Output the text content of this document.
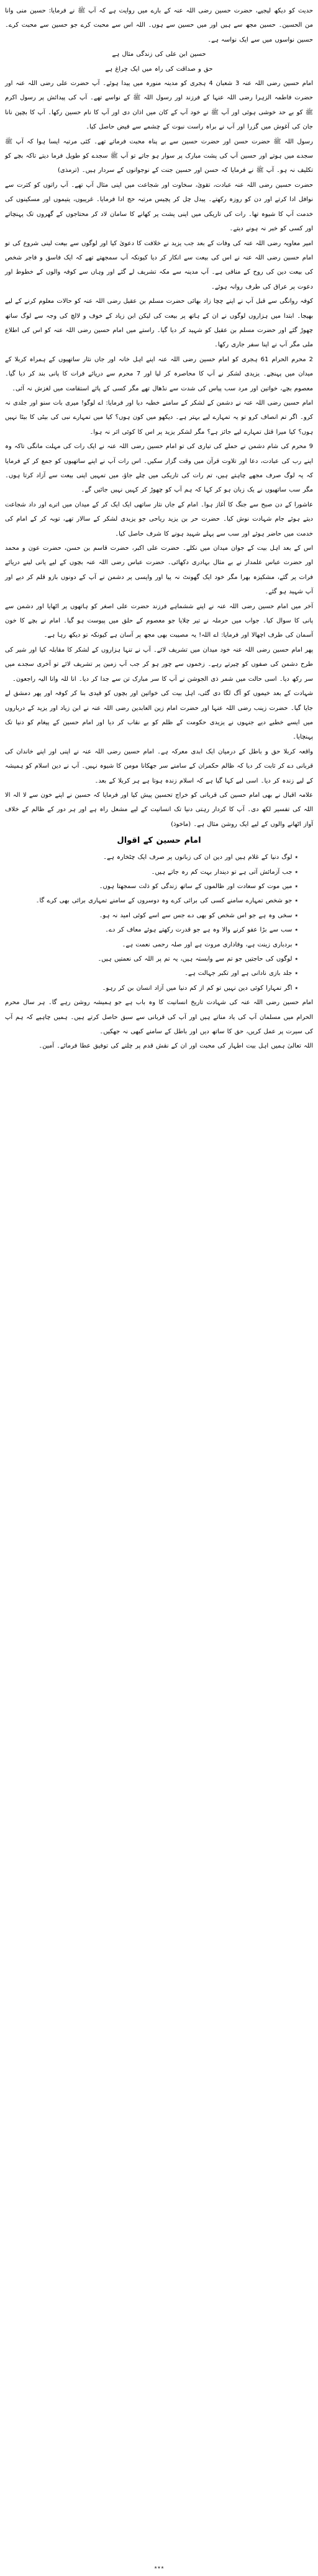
حدیث کو دیکھ لیجیے، حضرت حسین رضی اللہ عنہ کے بارے میں روایت ہے کہ آپ ﷺ نے فرمایا: حسین منی وانا من الحسین۔ حسین مجھ سے ہیں اور میں حسین سے ہوں۔ اللہ اس سے محبت کرے جو حسین سے محبت کرے۔ حسین نواسوں میں سے ایک نواسہ ہے۔

حسین ابن علی کی زندگی مثال ہے

حق و صداقت کی راہ میں ایک چراغ ہے

امام حسین رضی اللہ عنہ 3 شعبان 4 ہجری کو مدینہ منورہ میں پیدا ہوئے۔ آپ حضرت علی رضی اللہ عنہ اور حضرت فاطمہ الزہرا رضی اللہ عنہا کے فرزند اور رسول اللہ ﷺ کے نواسے تھے۔ آپ کی پیدائش پر رسول اکرم ﷺ کو بے حد خوشی ہوئی اور آپ ﷺ نے خود آپ کے کان میں اذان دی اور آپ کا نام حسین رکھا۔ آپ کا بچپن نانا جان کی آغوش میں گزرا اور آپ نے براہ راست نبوت کے چشمے سے فیض حاصل کیا۔

رسول اللہ ﷺ حضرت حسن اور حضرت حسین سے بے پناہ محبت فرماتے تھے۔ کئی مرتبہ ایسا ہوا کہ آپ ﷺ سجدے میں ہوتے اور حسین آپ کی پشت مبارک پر سوار ہو جاتے تو آپ ﷺ سجدے کو طویل فرما دیتے تاکہ بچے کو تکلیف نہ ہو۔ آپ ﷺ نے فرمایا کہ حسن اور حسین جنت کے نوجوانوں کے سردار ہیں۔ (ترمذی)

حضرت حسین رضی اللہ عنہ عبادت، تقویٰ، سخاوت اور شجاعت میں اپنی مثال آپ تھے۔ آپ راتوں کو کثرت سے نوافل ادا کرتے اور دن کو روزہ رکھتے۔ پیدل چل کر پچیس مرتبہ حج ادا فرمایا۔ غریبوں، یتیموں اور مسکینوں کی خدمت آپ کا شیوہ تھا۔ رات کی تاریکی میں اپنی پشت پر کھانے کا سامان لاد کر محتاجوں کے گھروں تک پہنچاتے اور کسی کو خبر نہ ہونے دیتے۔

امیر معاویہ رضی اللہ عنہ کی وفات کے بعد جب یزید نے خلافت کا دعویٰ کیا اور لوگوں سے بیعت لینی شروع کی تو امام حسین رضی اللہ عنہ نے اس کی بیعت سے انکار کر دیا کیونکہ آپ سمجھتے تھے کہ ایک فاسق و فاجر شخص کی بیعت دین کی روح کے منافی ہے۔ آپ مدینہ سے مکہ تشریف لے گئے اور وہاں سے کوفہ والوں کے خطوط اور دعوت پر عراق کی طرف روانہ ہوئے۔

کوفہ روانگی سے قبل آپ نے اپنے چچا زاد بھائی حضرت مسلم بن عقیل رضی اللہ عنہ کو حالات معلوم کرنے کے لیے بھیجا۔ ابتدا میں ہزاروں لوگوں نے ان کے ہاتھ پر بیعت کی لیکن ابن زیاد کے خوف و لالچ کی وجہ سے لوگ ساتھ چھوڑ گئے اور حضرت مسلم بن عقیل کو شہید کر دیا گیا۔ راستے میں امام حسین رضی اللہ عنہ کو اس کی اطلاع ملی مگر آپ نے اپنا سفر جاری رکھا۔

2 محرم الحرام 61 ہجری کو امام حسین رضی اللہ عنہ اپنے اہل خانہ اور جاں نثار ساتھیوں کے ہمراہ کربلا کے میدان میں پہنچے۔ یزیدی لشکر نے آپ کا محاصرہ کر لیا اور 7 محرم سے دریائے فرات کا پانی بند کر دیا گیا۔ معصوم بچے، خواتین اور مرد سب پیاس کی شدت سے نڈھال تھے مگر کسی کے پائے استقامت میں لغزش نہ آئی۔

امام حسین رضی اللہ عنہ نے دشمن کے لشکر کے سامنے خطبہ دیا اور فرمایا: اے لوگو! میری بات سنو اور جلدی نہ کرو۔ اگر تم انصاف کرو تو یہ تمہارے لیے بہتر ہے۔ دیکھو میں کون ہوں؟ کیا میں تمہارے نبی کی بیٹی کا بیٹا نہیں ہوں؟ کیا میرا قتل تمہارے لیے جائز ہے؟ مگر لشکر یزید پر اس کا کوئی اثر نہ ہوا۔

9 محرم کی شام دشمن نے حملے کی تیاری کی تو امام حسین رضی اللہ عنہ نے ایک رات کی مہلت مانگی تاکہ وہ اپنے رب کی عبادت، دعا اور تلاوت قرآن میں وقت گزار سکیں۔ اس رات آپ نے اپنے ساتھیوں کو جمع کر کے فرمایا کہ یہ لوگ صرف مجھے چاہتے ہیں، تم رات کی تاریکی میں چلے جاؤ، میں تمہیں اپنی بیعت سے آزاد کرتا ہوں۔ مگر سب ساتھیوں نے یک زبان ہو کر کہا کہ ہم آپ کو چھوڑ کر کہیں نہیں جائیں گے۔

عاشورا کے دن صبح سے جنگ کا آغاز ہوا۔ امام کے جاں نثار ساتھی ایک ایک کر کے میدان میں اترے اور داد شجاعت دیتے ہوئے جام شہادت نوش کیا۔ حضرت حر بن یزید ریاحی جو یزیدی لشکر کے سالار تھے، توبہ کر کے امام کی خدمت میں حاضر ہوئے اور سب سے پہلے شہید ہونے کا شرف حاصل کیا۔

اس کے بعد اہل بیت کے جوان میدان میں نکلے۔ حضرت علی اکبر، حضرت قاسم بن حسن، حضرت عون و محمد اور حضرت عباس علمدار نے بے مثال بہادری دکھائی۔ حضرت عباس رضی اللہ عنہ بچوں کے لیے پانی لینے دریائے فرات پر گئے، مشکیزہ بھرا مگر خود ایک گھونٹ نہ پیا اور واپسی پر دشمن نے آپ کے دونوں بازو قلم کر دیے اور آپ شہید ہو گئے۔

آخر میں امام حسین رضی اللہ عنہ نے اپنے ششماہے فرزند حضرت علی اصغر کو ہاتھوں پر اٹھایا اور دشمن سے پانی کا سوال کیا۔ جواب میں حرملہ نے تیر چلایا جو معصوم کے حلق میں پیوست ہو گیا۔ امام نے بچے کا خون آسمان کی طرف اچھالا اور فرمایا: اے اللہ! یہ مصیبت بھی مجھ پر آسان ہے کیونکہ تو دیکھ رہا ہے۔

پھر امام حسین رضی اللہ عنہ خود میدان میں تشریف لائے۔ آپ نے تنہا ہزاروں کے لشکر کا مقابلہ کیا اور شیر کی طرح دشمن کی صفوں کو چیرتے رہے۔ زخموں سے چور ہو کر جب آپ زمین پر تشریف لائے تو آخری سجدے میں سر رکھ دیا۔ اسی حالت میں شمر ذی الجوشن نے آپ کا سر مبارک تن سے جدا کر دیا۔ انا للہ وانا الیہ راجعون۔

شہادت کے بعد خیموں کو آگ لگا دی گئی، اہل بیت کی خواتین اور بچوں کو قیدی بنا کر کوفہ اور پھر دمشق لے جایا گیا۔ حضرت زینب رضی اللہ عنہا اور حضرت امام زین العابدین رضی اللہ عنہ نے ابن زیاد اور یزید کے درباروں میں ایسے خطبے دیے جنہوں نے یزیدی حکومت کے ظلم کو بے نقاب کر دیا اور امام حسین کے پیغام کو دنیا تک پہنچایا۔

واقعہ کربلا حق و باطل کے درمیان ایک ابدی معرکہ ہے۔ امام حسین رضی اللہ عنہ نے اپنی اور اپنے خاندان کی قربانی دے کر ثابت کر دیا کہ ظالم حکمران کے سامنے سر جھکانا مومن کا شیوہ نہیں۔ آپ نے دین اسلام کو ہمیشہ کے لیے زندہ کر دیا۔ اسی لیے کہا گیا ہے کہ اسلام زندہ ہوتا ہے ہر کربلا کے بعد۔

علامہ اقبال نے بھی امام حسین کی قربانی کو خراج تحسین پیش کیا اور فرمایا کہ حسین نے اپنے خون سے لا الہ الا اللہ کی تفسیر لکھ دی۔ آپ کا کردار رہتی دنیا تک انسانیت کے لیے مشعل راہ ہے اور ہر دور کے ظالم کے خلاف آواز اٹھانے والوں کے لیے ایک روشن مثال ہے۔ (ماخوذ)

امام حسین کے اقوال

٭ لوگ دنیا کے غلام ہیں اور دین ان کی زبانوں پر صرف ایک چٹخارہ ہے۔

٭ جب آزمائش آتی ہے تو دیندار بہت کم رہ جاتے ہیں۔

٭ میں موت کو سعادت اور ظالموں کے ساتھ زندگی کو ذلت سمجھتا ہوں۔

٭ جو شخص تمہارے سامنے کسی کی برائی کرے وہ دوسروں کے سامنے تمہاری برائی بھی کرے گا۔

٭ سخی وہ ہے جو اس شخص کو بھی دے جس سے اسے کوئی امید نہ ہو۔

٭ سب سے بڑا عفو کرنے والا وہ ہے جو قدرت رکھتے ہوئے معاف کر دے۔

٭ بردباری زینت ہے، وفاداری مروت ہے اور صلہ رحمی نعمت ہے۔

٭ لوگوں کی حاجتیں جو تم سے وابستہ ہیں، یہ تم پر اللہ کی نعمتیں ہیں۔

٭ جلد بازی نادانی ہے اور تکبر جہالت ہے۔

٭ اگر تمہارا کوئی دین نہیں تو کم از کم دنیا میں آزاد انسان بن کر رہو۔

امام حسین رضی اللہ عنہ کی شہادت تاریخ انسانیت کا وہ باب ہے جو ہمیشہ روشن رہے گا۔ ہر سال محرم الحرام میں مسلمان آپ کی یاد مناتے ہیں اور آپ کی قربانی سے سبق حاصل کرتے ہیں۔ ہمیں چاہیے کہ ہم آپ کی سیرت پر عمل کریں، حق کا ساتھ دیں اور باطل کے سامنے کبھی نہ جھکیں۔

اللہ تعالیٰ ہمیں اہل بیت اطہار کی محبت اور ان کے نقش قدم پر چلنے کی توفیق عطا فرمائے۔ آمین۔

٭٭٭
